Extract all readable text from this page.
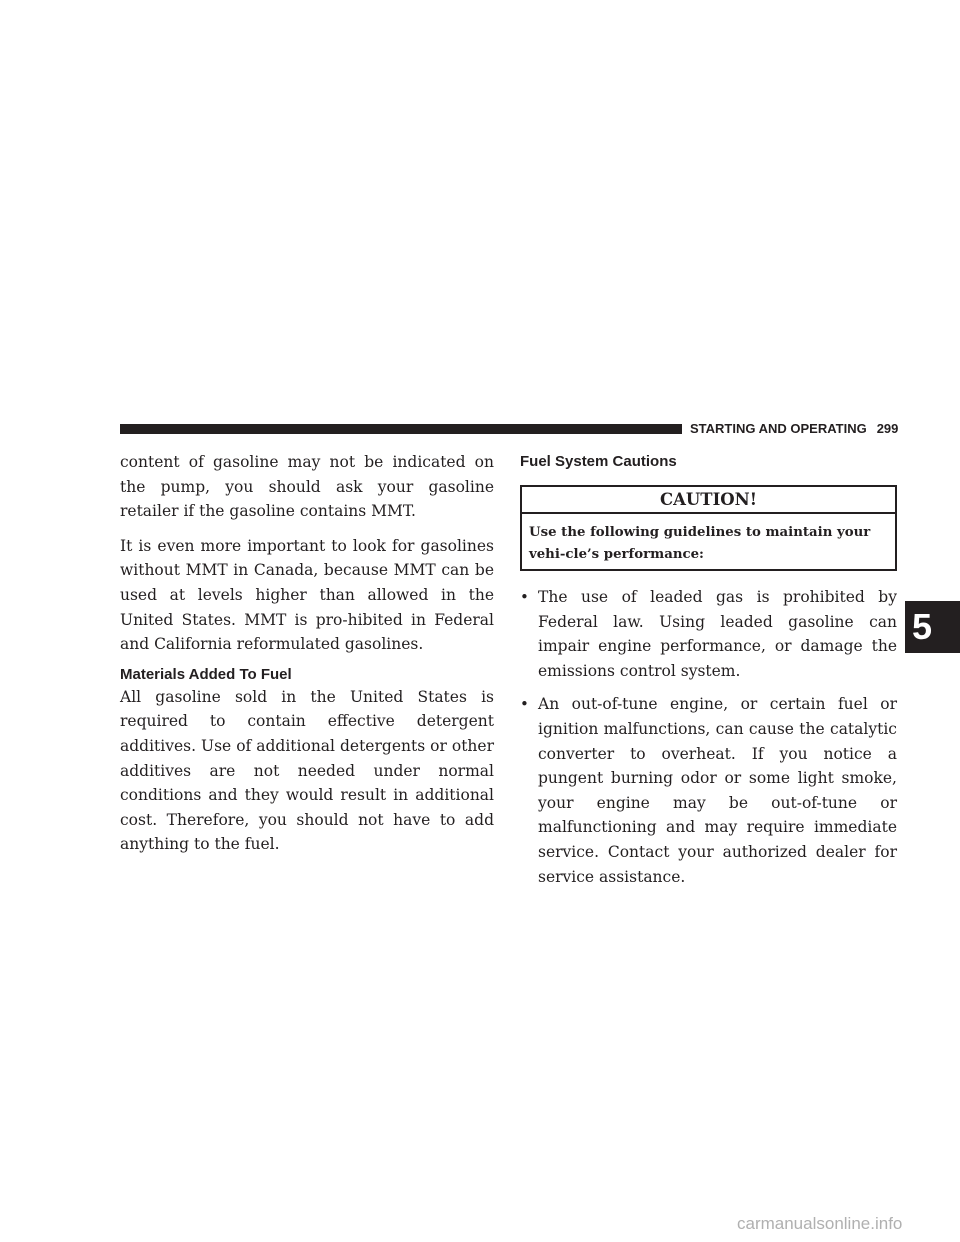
STARTING AND OPERATING 299
5

content of gasoline may not be indicated on the pump, you should ask your gasoline retailer if the gasoline contains MMT.

It is even more important to look for gasolines without MMT in Canada, because MMT can be used at levels higher than allowed in the United States. MMT is pro-hibited in Federal and California reformulated gasolines.

Materials Added To Fuel

All gasoline sold in the United States is required to contain effective detergent additives. Use of additional detergents or other additives are not needed under normal conditions and they would result in additional cost. Therefore, you should not have to add anything to the fuel.

Fuel System Cautions
CAUTION!
Use the following guidelines to maintain your vehi-cle’s performance:
• The use of leaded gas is prohibited by Federal law. Using leaded gasoline can impair engine performance, or damage the emissions control system.
• An out-of-tune engine, or certain fuel or ignition malfunctions, can cause the catalytic converter to overheat. If you notice a pungent burning odor or some light smoke, your engine may be out-of-tune or malfunctioning and may require immediate service. Contact your authorized dealer for service assistance.
carmanualsonline.info
